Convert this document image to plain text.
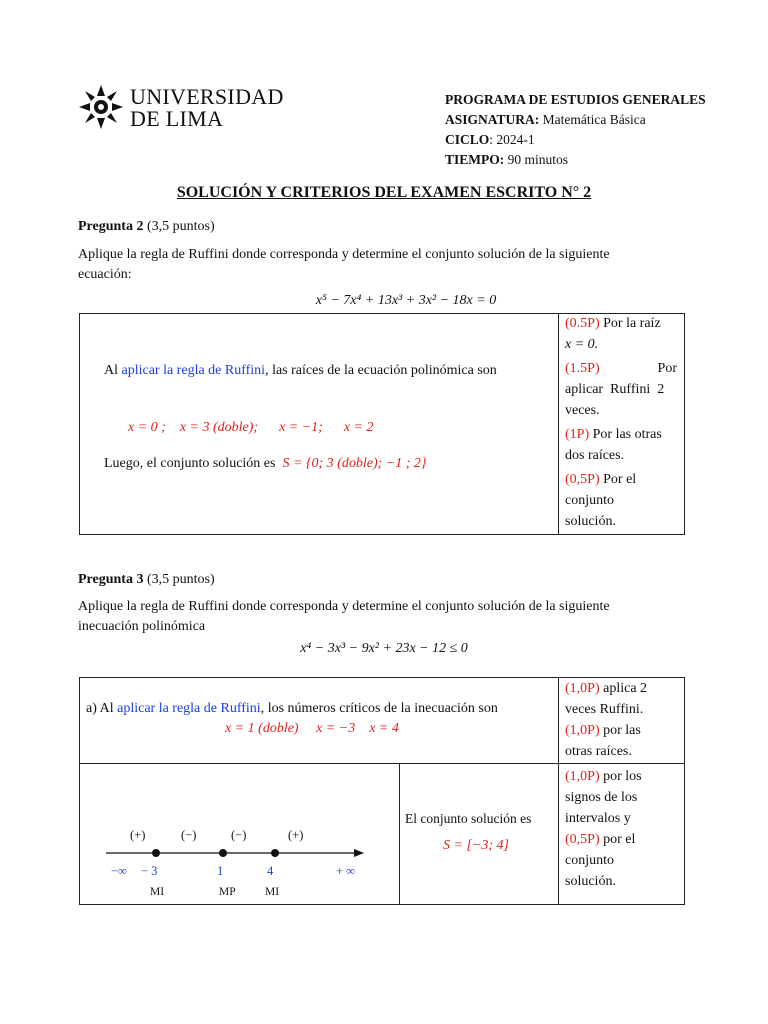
UNIVERSIDAD
DE LIMA
PROGRAMA DE ESTUDIOS GENERALES
ASIGNATURA: Matemática Básica
CICLO: 2024-1
TIEMPO: 90 minutos
SOLUCIÓN Y CRITERIOS DEL EXAMEN ESCRITO N° 2
Pregunta 2 (3,5 puntos)
Aplique la regla de Ruffini donde corresponda y determine el conjunto solución de la siguiente
ecuación:
x⁵ − 7x⁴ + 13x³ + 3x² − 18x = 0
Al aplicar la regla de Ruffini, las raíces de la ecuación polinómica son
x = 0 ;    x = 3 (doble);      x = −1;      x = 2
Luego, el conjunto solución es S = {0; 3 (doble); −1 ; 2}
(0.5P) Por la raíz
x = 0.
(1.5P)	Por
aplicar  Ruffini  2
veces.
(1P) Por las otras
dos raíces.
(0,5P) Por el
conjunto
solución.
Pregunta 3 (3,5 puntos)
Aplique la regla de Ruffini donde corresponda y determine el conjunto solución de la siguiente
inecuación polinómica
x⁴ − 3x³ − 9x² + 23x − 12 ≤ 0
a) Al aplicar la regla de Ruffini, los números críticos de la inecuación son
x = 1 (doble)     x = −3    x = 4
(1,0P) aplica 2
veces Ruffini.
(1,0P) por las
otras raíces.
(+)	(−)	(−)	(+)
−∞ − 3	1	4	+ ∞
MI	MP	MI
El conjunto solución es
S = [−3; 4]
(1,0P) por los
signos de los
intervalos y
(0,5P) por el
conjunto
solución.
